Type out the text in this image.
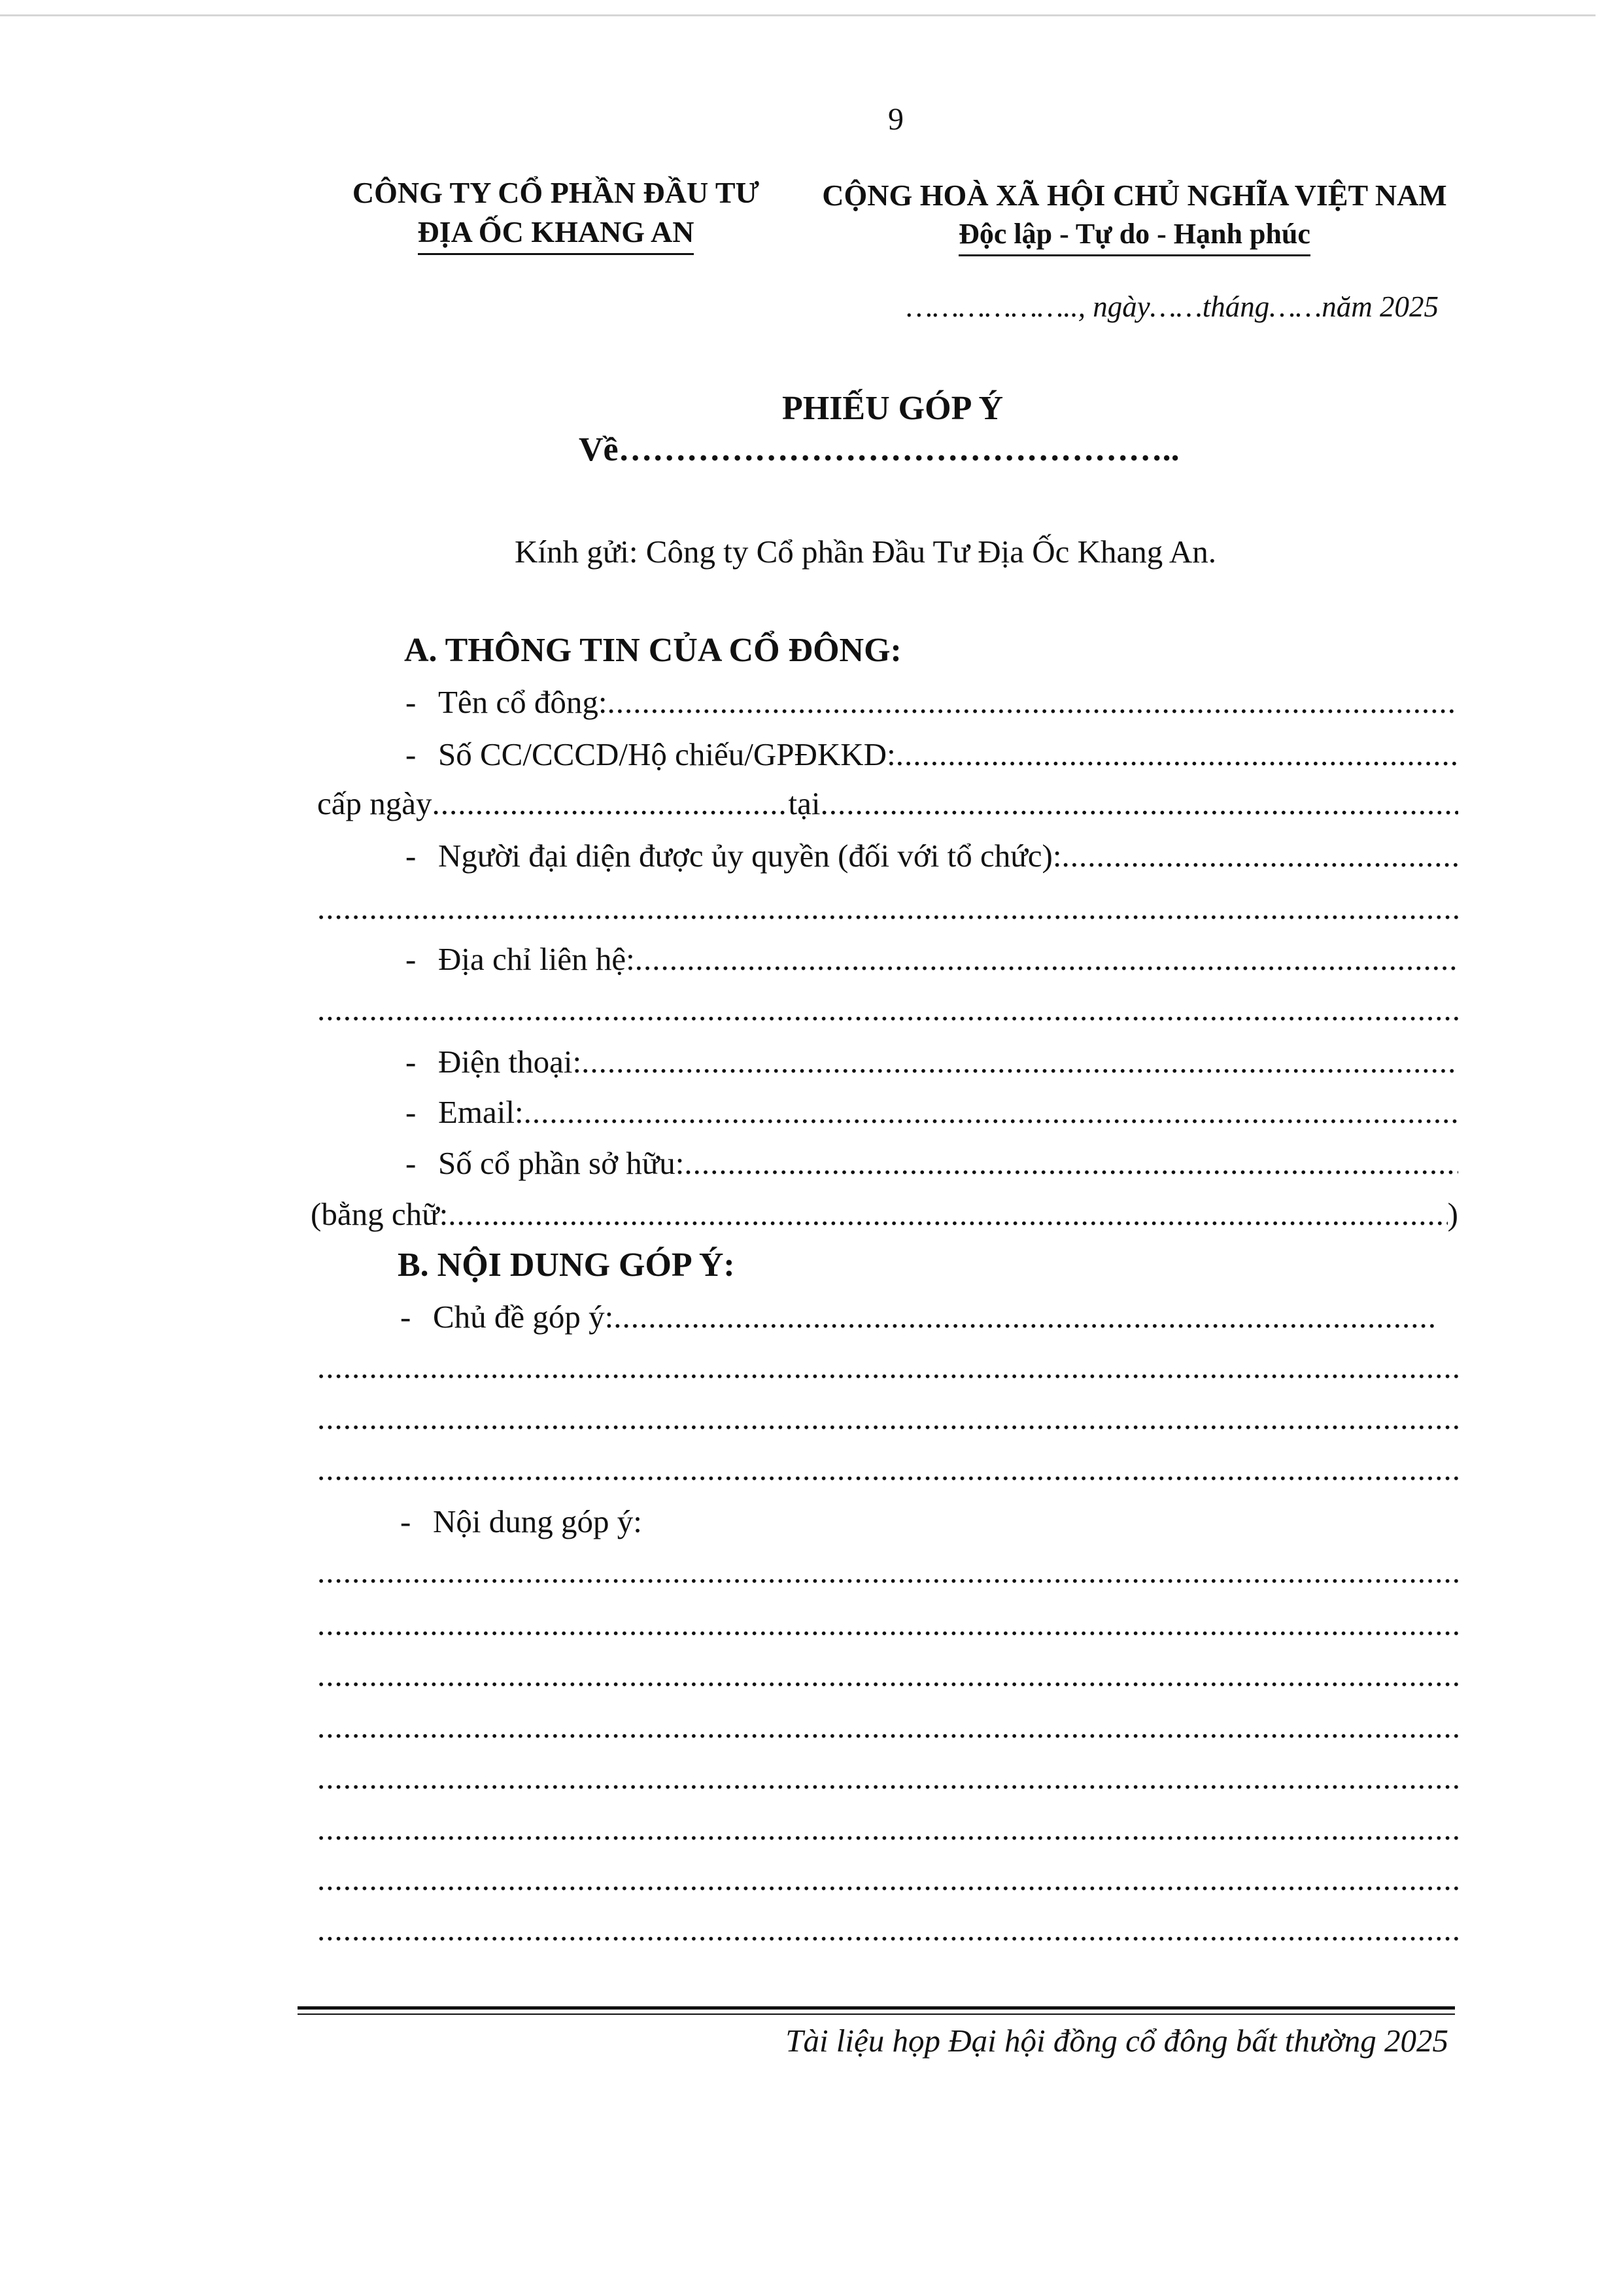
9
CÔNG TY CỔ PHẦN ĐẦU TƯ
ĐỊA ỐC KHANG AN
CỘNG HOÀ XÃ HỘI CHỦ NGHĨA VIỆT NAM
Độc lập - Tự do - Hạnh phúc
……………….., ngày……tháng……năm 2025
PHIẾU GÓP Ý
Về…………………………………………..
Kính gửi: Công ty Cổ phần Đầu Tư Địa Ốc Khang An.
A. THÔNG TIN CỦA CỔ ĐÔNG:
- Tên cổ đông:
.....
- Số CC/CCCD/Hộ chiếu/GPĐKKD:
.....
cấp ngày .....	tại
.....
- Người đại diện được ủy quyền (đối với tổ chức):
.....
.....
- Địa chỉ liên hệ:
.....
.....
- Điện thoại:
.....
- Email:
.....
- Số cổ phần sở hữu:
.....
(bằng chữ: .....	)
B. NỘI DUNG GÓP Ý:
- Chủ đề góp ý:
.....
.....
.....
.....
- Nội dung góp ý:
.....
.....
.....
.....
.....
.....
.....
.....
Tài liệu họp Đại hội đồng cổ đông bất thường 2025
